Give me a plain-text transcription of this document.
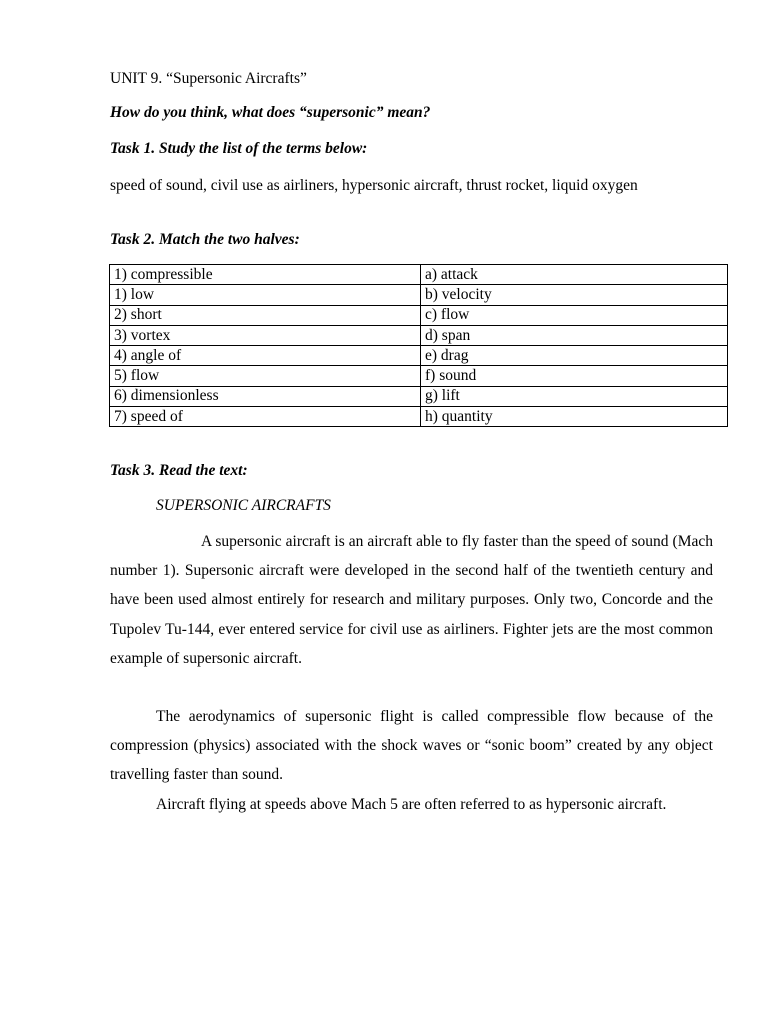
UNIT 9. “Supersonic Aircrafts”
How do you think, what does “supersonic” mean?
Task 1. Study the list of the terms below:
speed of sound, civil use as airliners, hypersonic aircraft, thrust rocket, liquid oxygen
Task 2. Match the two halves:
1) compressible	a) attack
1) low	b) velocity
2) short	c) flow
3) vortex	d) span
4) angle of	e) drag
5) flow	f) sound
6) dimensionless	g) lift
7) speed of	h) quantity
Task 3. Read the text:
SUPERSONIC AIRCRAFTS
A supersonic aircraft is an aircraft able to fly faster than the speed of sound (Mach number 1). Supersonic aircraft were developed in the second half of the twentieth century and have been used almost entirely for research and military purposes. Only two, Concorde and the Tupolev Tu-144, ever entered service for civil use as airliners. Fighter jets are the most common example of supersonic aircraft.
The aerodynamics of supersonic flight is called compressible flow because of the compression (physics) associated with the shock waves or “sonic boom” created by any object travelling faster than sound.
Aircraft flying at speeds above Mach 5 are often referred to as hypersonic aircraft.
